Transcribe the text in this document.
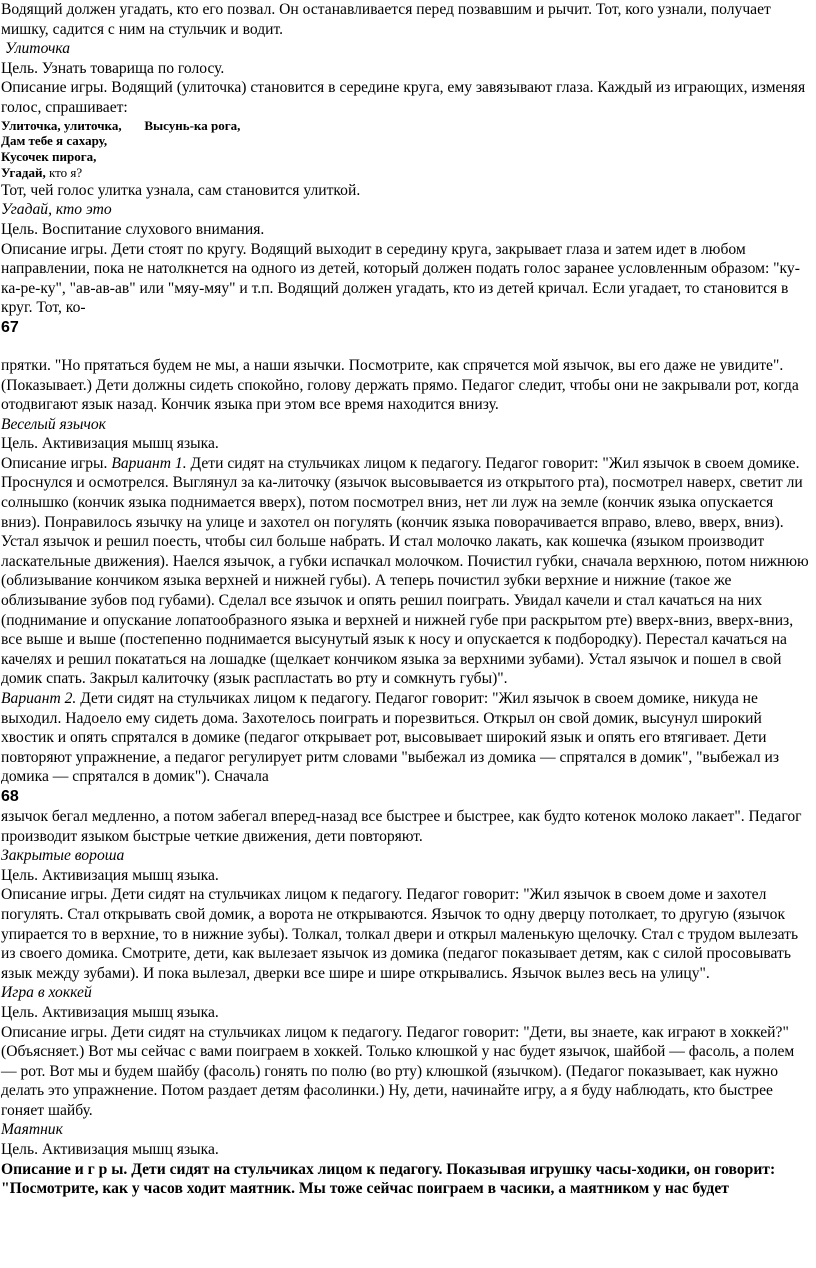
Водящий должен угадать, кто его позвал. Он останавливается перед позвавшим и рычит. Тот, кого узнали, получает мишку, садится с ним на стульчик и водит.

Улиточка

Цель. Узнать товарища по голосу.

Описание игры. Водящий (улиточка) становится в середине круга, ему завязывают глаза. Каждый из играющих, изменяя голос, спрашивает:

Улиточка, улиточка,       Высунь-ка рога,
Дам тебе я сахару,
Кусочек пирога,
Угадай, кто я?

Тот, чей голос улитка узнала, сам становится улиткой.

Угадай, кто это

Цель. Воспитание слухового внимания.

Описание игры. Дети стоят по кругу. Водящий выходит в середину круга, закрывает глаза и затем идет в любом направлении, пока не натолкнется на одного из детей, который должен подать голос заранее условленным образом: "ку-ка-ре-ку", "ав-ав-ав" или "мяу-мяу" и т.п. Водящий должен угадать, кто из детей кричал. Если угадает, то становится в круг. Тот, ко-

67

прятки. "Но прятаться будем не мы, а наши язычки. Посмотрите, как спрячется мой язычок, вы его даже не увидите". (Показывает.) Дети должны сидеть спокойно, голову держать прямо. Педагог следит, чтобы они не закрывали рот, когда отодвигают язык назад. Кончик языка при этом все время находится внизу.

Веселый язычок

Цель. Активизация мышц языка.

Описание игры. Вариант 1. Дети сидят на стульчиках лицом к педагогу. Педагог говорит: "Жил язычок в своем домике. Проснулся и осмотрелся. Выглянул за ка-литочку (язычок высовывается из открытого рта), посмотрел наверх, светит ли солнышко (кончик языка поднимается вверх), потом посмотрел вниз, нет ли луж на земле (кончик языка опускается вниз). Понравилось язычку на улице и захотел он погулять (кончик языка поворачивается вправо, влево, вверх, вниз). Устал язычок и решил поесть, чтобы сил больше набрать. И стал молочко лакать, как кошечка (языком производит ласкательные движения). Наелся язычок, а губки испачкал молочком. Почистил губки, сначала верхнюю, потом нижнюю (облизывание кончиком языка верхней и нижней губы). А теперь почистил зубки верхние и нижние (такое же облизывание зубов под губами). Сделал все язычок и опять решил поиграть. Увидал качели и стал качаться на них (поднимание и опускание лопатообразного языка и верхней и нижней губе при раскрытом рте) вверх-вниз, вверх-вниз, все выше и выше (постепенно поднимается высунутый язык к носу и опускается к подбородку). Перестал качаться на качелях и решил покататься на лошадке (щелкает кончиком языка за верхними зубами). Устал язычок и пошел в свой домик спать. Закрыл калиточку (язык распластать во рту и сомкнуть губы)".

Вариант 2. Дети сидят на стульчиках лицом к педагогу. Педагог говорит: "Жил язычок в своем домике, никуда не выходил. Надоело ему сидеть дома. Захотелось поиграть и порезвиться. Открыл он свой домик, высунул широкий хвостик и опять спрятался в домике (педагог открывает рот, высовывает широкий язык и опять его втягивает. Дети повторяют упражнение, а педагог регулирует ритм словами "выбежал из домика — спрятался в домик", "выбежал из домика — спрятался в домик"). Сначала

68

язычок бегал медленно, а потом забегал вперед-назад все быстрее и быстрее, как будто котенок молоко лакает". Педагог производит языком быстрые четкие движения, дети повторяют.

Закрытые вороша

Цель. Активизация мышц языка.

Описание игры. Дети сидят на стульчиках лицом к педагогу. Педагог говорит: "Жил язычок в своем доме и захотел погулять. Стал открывать свой домик, а ворота не открываются. Язычок то одну дверцу потолкает, то другую (язычок упирается то в верхние, то в нижние зубы). Толкал, толкал двери и открыл маленькую щелочку. Стал с трудом вылезать из своего домика. Смотрите, дети, как вылезает язычок из домика (педагог показывает детям, как с силой просовывать язык между зубами). И пока вылезал, дверки все шире и шире открывались. Язычок вылез весь на улицу".

Игра в хоккей

Цель. Активизация мышц языка.

Описание игры. Дети сидят на стульчиках лицом к педагогу. Педагог говорит: "Дети, вы знаете, как играют в хоккей?" (Объясняет.) Вот мы сейчас с вами поиграем в хоккей. Только клюшкой у нас будет язычок, шайбой — фасоль, а полем — рот. Вот мы и будем шайбу (фасоль) гонять по полю (во рту) клюшкой (язычком). (Педагог показывает, как нужно делать это упражнение. Потом раздает детям фасолинки.) Ну, дети, начинайте игру, а я буду наблюдать, кто быстрее гоняет шайбу.

Маятник

Цель. Активизация мышц языка.

Описание и г р ы. Дети сидят на стульчиках лицом к педагогу. Показывая игрушку часы-ходики, он говорит: "Посмотрите, как у часов ходит маятник. Мы тоже сейчас поиграем в часики, а маятником у нас будет
